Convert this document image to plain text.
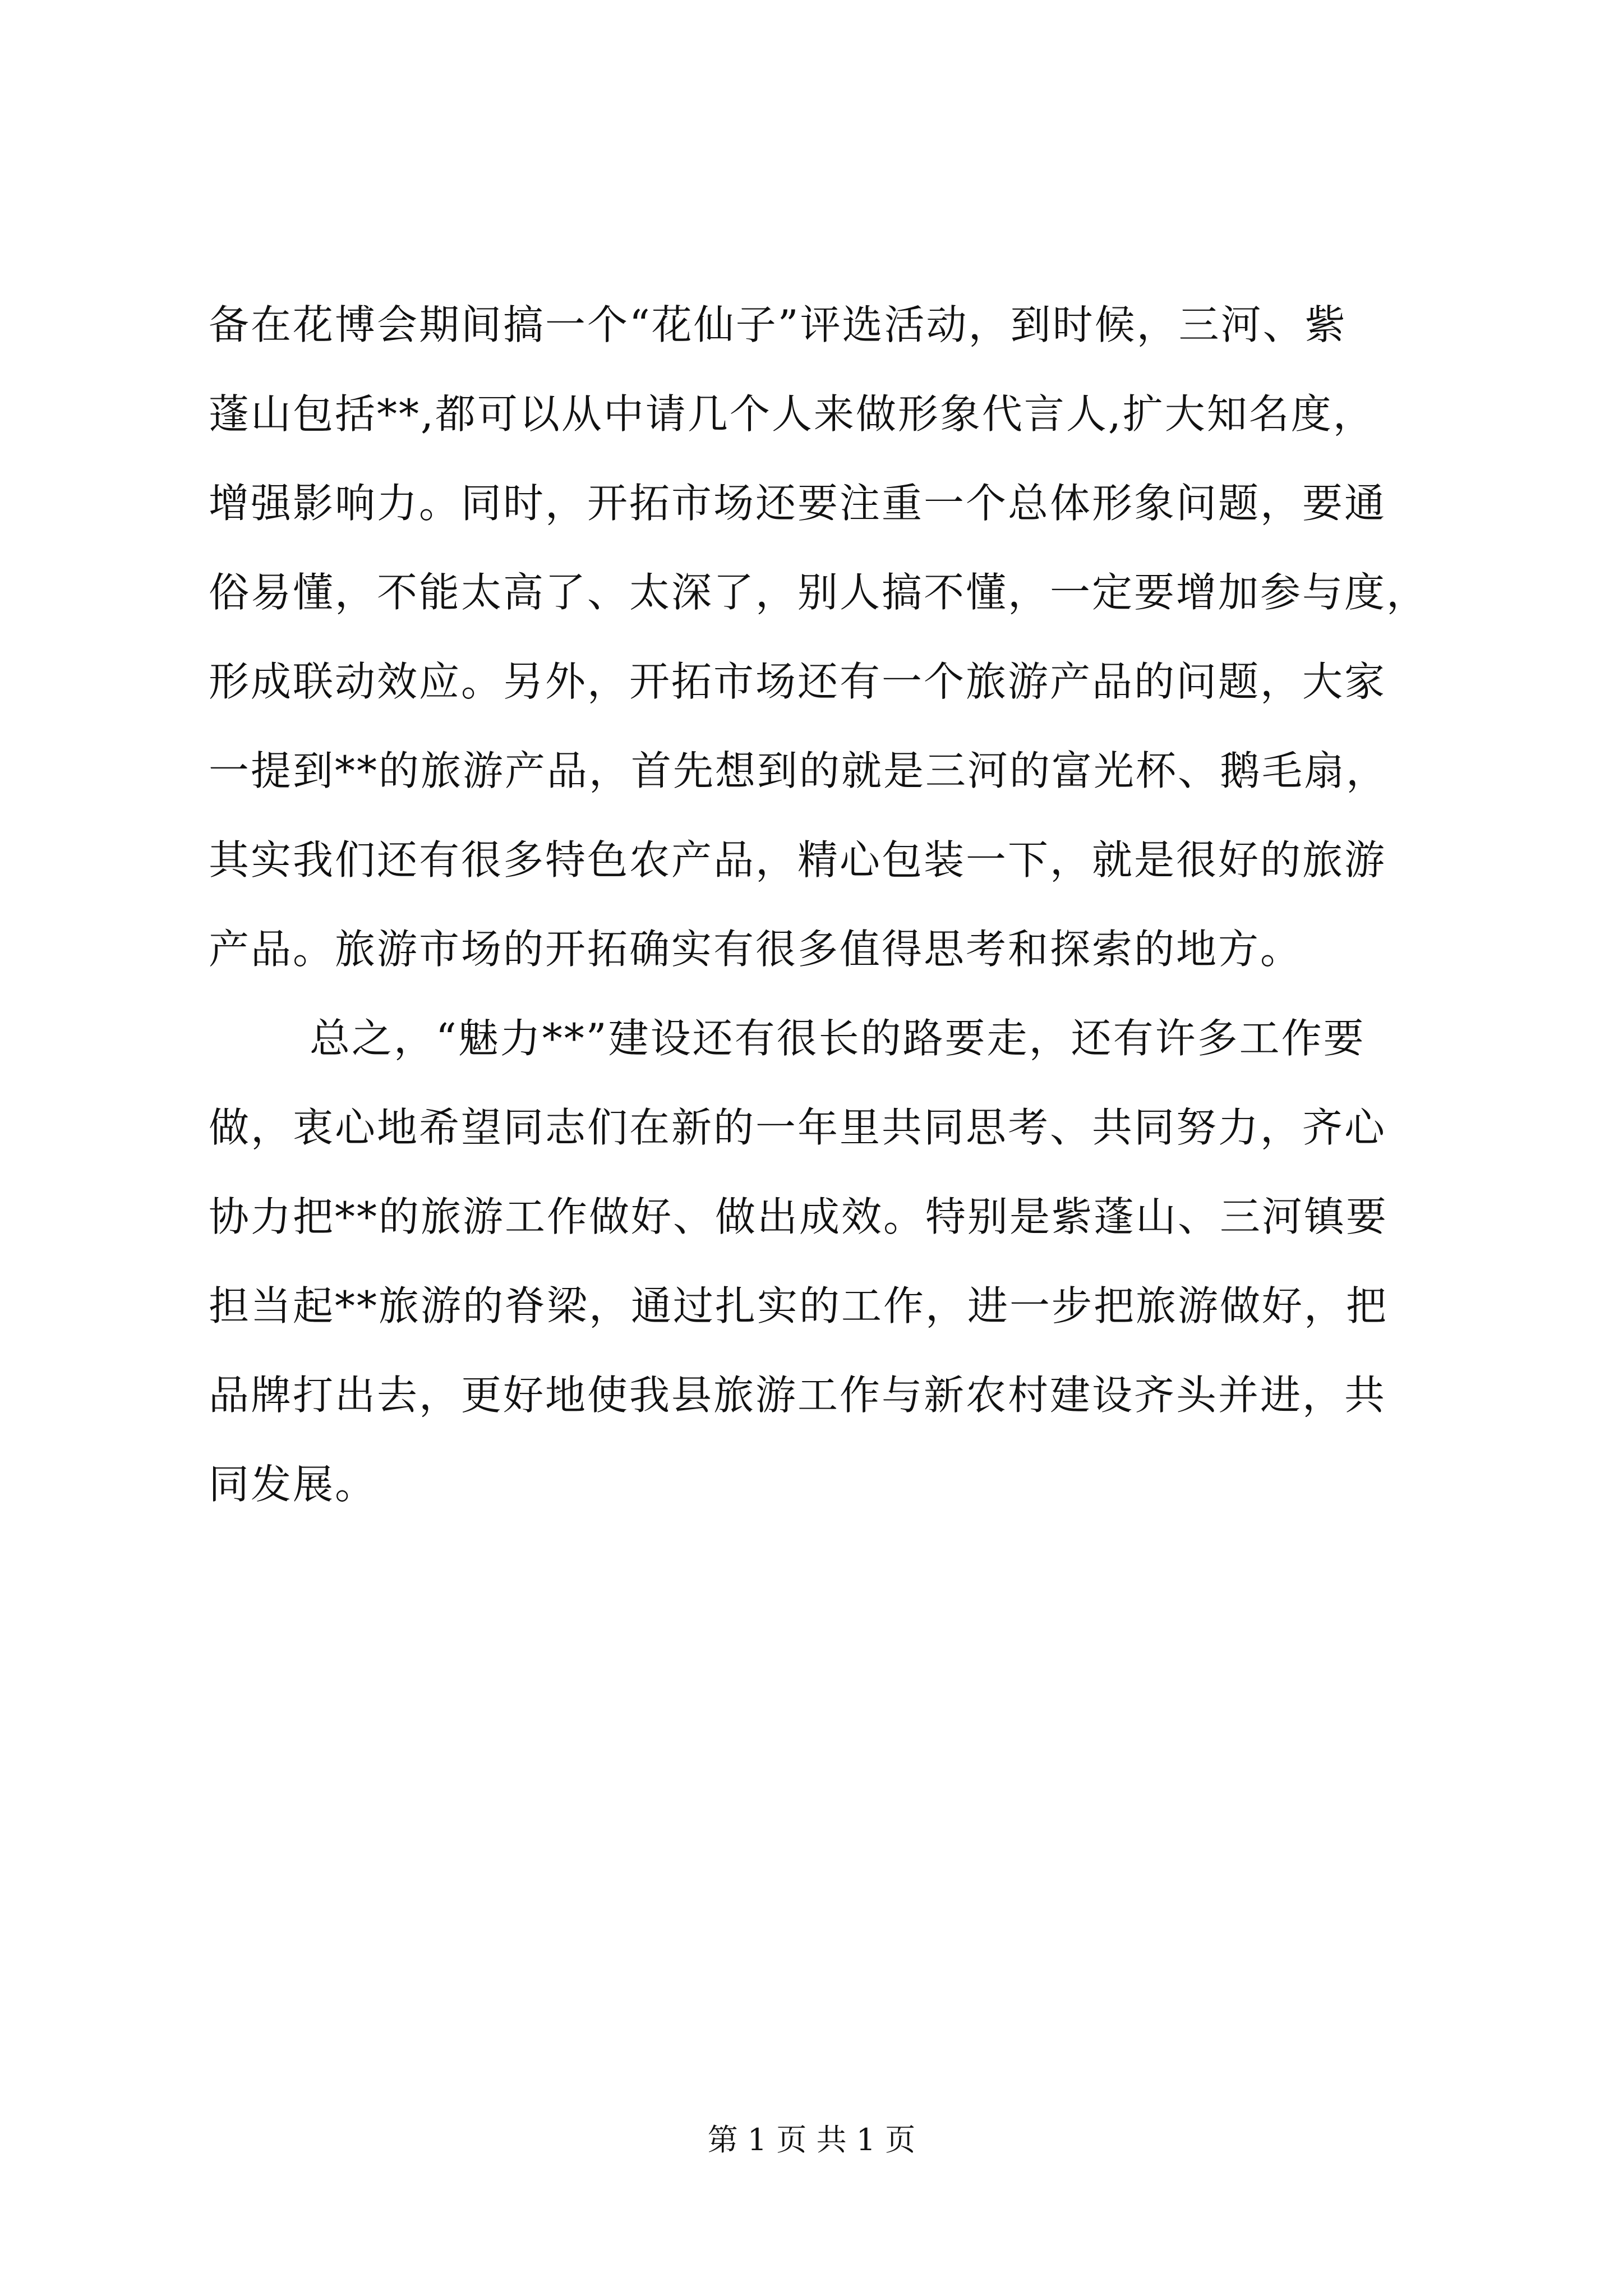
备在花博会期间搞一个“花仙子”评选活动，到时候，三河、紫
蓬山包括**,都可以从中请几个人来做形象代言人,扩大知名度，
增强影响力。同时，开拓市场还要注重一个总体形象问题，要通
俗易懂，不能太高了、太深了，别人搞不懂，一定要增加参与度，
形成联动效应。另外，开拓市场还有一个旅游产品的问题，大家
一提到**的旅游产品，首先想到的就是三河的富光杯、鹅毛扇，
其实我们还有很多特色农产品，精心包装一下，就是很好的旅游
产品。旅游市场的开拓确实有很多值得思考和探索的地方。
总之，“魅力**”建设还有很长的路要走，还有许多工作要
做，衷心地希望同志们在新的一年里共同思考、共同努力，齐心
协力把**的旅游工作做好、做出成效。特别是紫蓬山、三河镇要
担当起**旅游的脊梁，通过扎实的工作，进一步把旅游做好，把
品牌打出去，更好地使我县旅游工作与新农村建设齐头并进，共
同发展。
第 1 页 共 1 页
